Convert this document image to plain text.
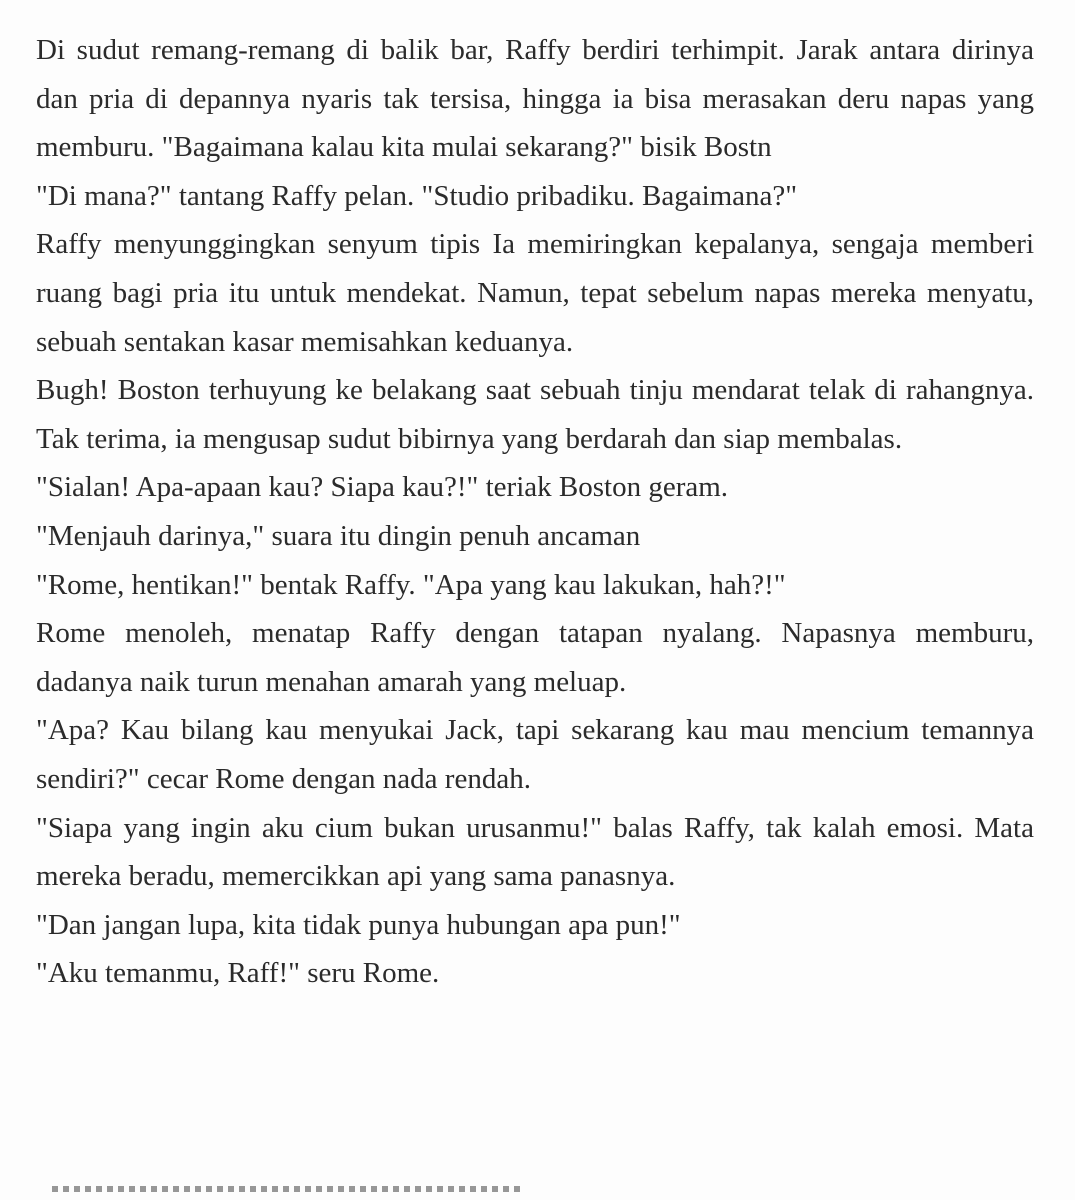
Di sudut remang-remang di balik bar, Raffy berdiri terhimpit. Jarak antara dirinya dan pria di depannya nyaris tak tersisa, hingga ia bisa merasakan deru napas yang memburu. "Bagaimana kalau kita mulai sekarang?" bisik Bostn

"Di mana?" tantang Raffy pelan. "Studio pribadiku. Bagaimana?"

Raffy menyunggingkan senyum tipis Ia memiringkan kepalanya, sengaja memberi ruang bagi pria itu untuk mendekat. Namun, tepat sebelum napas mereka menyatu, sebuah sentakan kasar memisahkan keduanya.

Bugh! Boston terhuyung ke belakang saat sebuah tinju mendarat telak di rahangnya. Tak terima, ia mengusap sudut bibirnya yang berdarah dan siap membalas.

"Sialan! Apa-apaan kau? Siapa kau?!" teriak Boston geram.

"Menjauh darinya," suara itu dingin penuh ancaman

"Rome, hentikan!" bentak Raffy. "Apa yang kau lakukan, hah?!"

Rome menoleh, menatap Raffy dengan tatapan nyalang. Napasnya memburu, dadanya naik turun menahan amarah yang meluap.

"Apa? Kau bilang kau menyukai Jack, tapi sekarang kau mau mencium temannya sendiri?" cecar Rome dengan nada rendah.

"Siapa yang ingin aku cium bukan urusanmu!" balas Raffy, tak kalah emosi. Mata mereka beradu, memercikkan api yang sama panasnya.

"Dan jangan lupa, kita tidak punya hubungan apa pun!"

"Aku temanmu, Raff!" seru Rome.
